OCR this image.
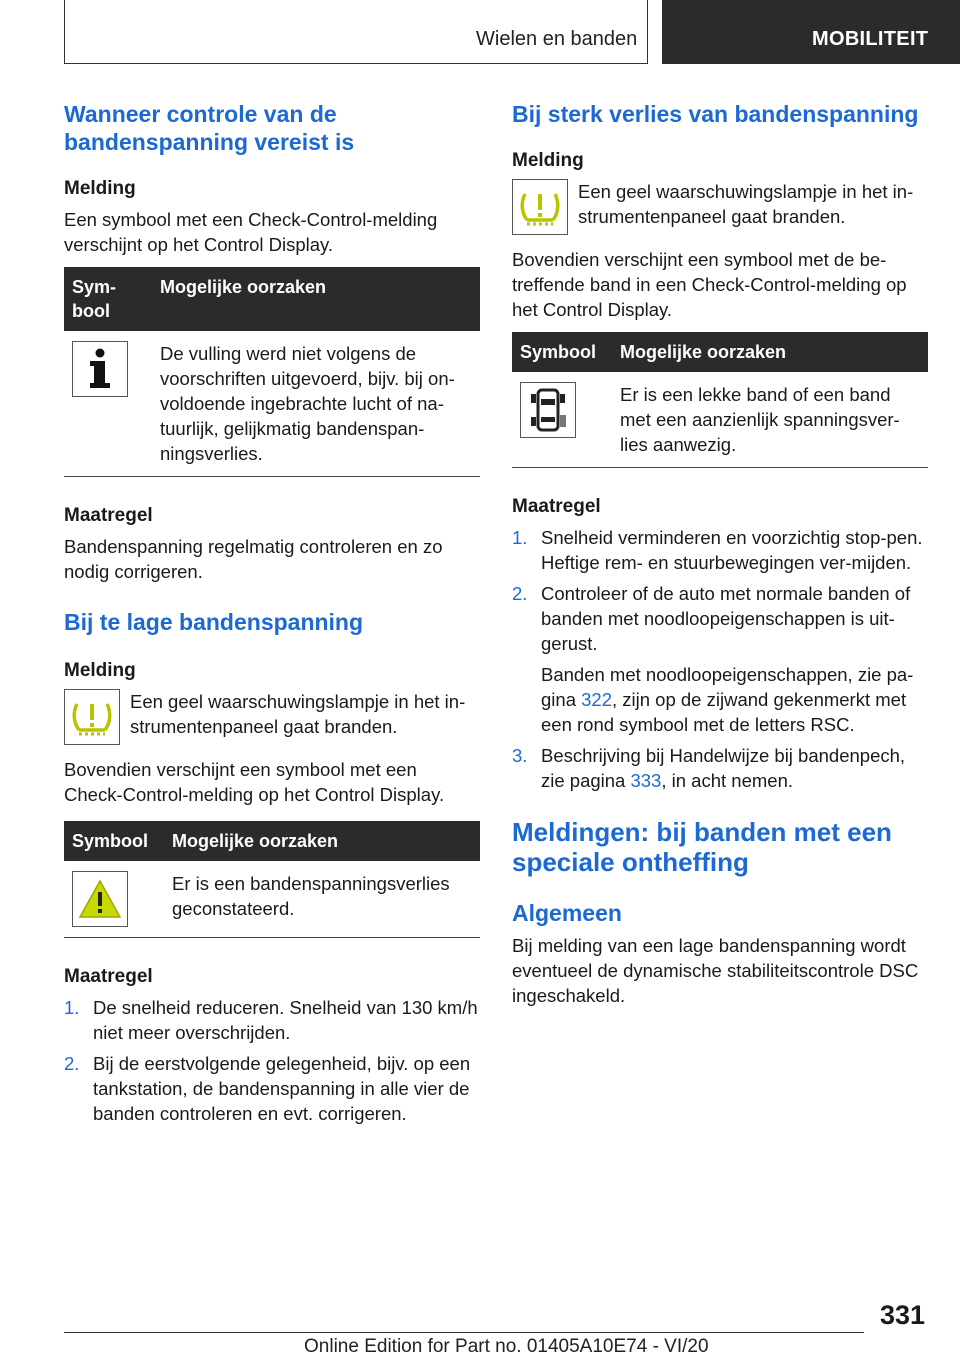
Wielen en banden	MOBILITEIT
Wanneer controle van de bandenspanning vereist is
Melding

Een symbool met een Check-Control-melding verschijnt op het Control Display.

Sym-bool	Mogelijke oorzaken

	De vulling werd niet volgens de voorschriften uitgevoerd, bijv. bij on-voldoende ingebrachte lucht of na-tuurlijk, gelijkmatig bandenspan-ningsverlies.
Maatregel

Bandenspanning regelmatig controleren en zo nodig corrigeren.

Bij te lage bandenspanning
Melding

Een geel waarschuwingslampje in het in-strumentenpaneel gaat branden.

Bovendien verschijnt een symbool met een Check-Control-melding op het Control Display.

Symbool	Mogelijke oorzaken

	Er is een bandenspanningsverlies geconstateerd.
Maatregel
1. De snelheid reduceren. Snelheid van 130 km/h niet meer overschrijden.
2. Bij de eerstvolgende gelegenheid, bijv. op een tankstation, de bandenspanning in alle vier de banden controleren en evt. corrigeren.
Bij sterk verlies van bandenspanning
Melding

Een geel waarschuwingslampje in het in-strumentenpaneel gaat branden.

Bovendien verschijnt een symbool met de be-treffende band in een Check-Control-melding op het Control Display.

Symbool	Mogelijke oorzaken

	Er is een lekke band of een band met een aanzienlijk spanningsver-lies aanwezig.
Maatregel
1. Snelheid verminderen en voorzichtig stop-pen. Heftige rem- en stuurbewegingen ver-mijden.
2. Controleer of de auto met normale banden of banden met noodloopeigenschappen is uit-gerust.
Banden met noodloopeigenschappen, zie pa-gina 322, zijn op de zijwand gekenmerkt met een rond symbool met de letters RSC.
3. Beschrijving bij Handelwijze bij bandenpech, zie pagina 333, in acht nemen.
Meldingen: bij banden met een speciale ontheffing
Algemeen

Bij melding van een lage bandenspanning wordt eventueel de dynamische stabiliteitscontrole DSC ingeschakeld.

331
Online Edition for Part no. 01405A10E74 - VI/20
